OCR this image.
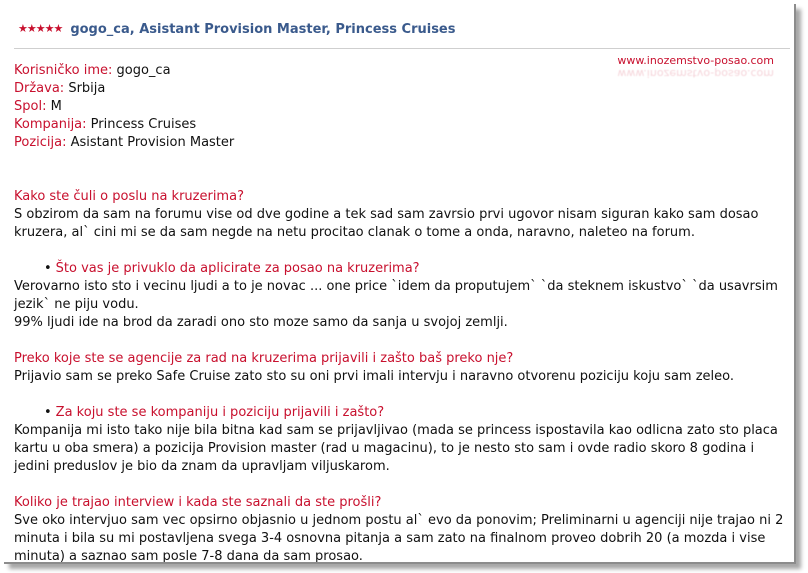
★★★★★ gogo_ca, Asistant Provision Master, Princess Cruises
www.inozemstvo-posao.com
www.inozemstvo-posao.com

Korisničko ime: gogo_ca

Država: Srbija

Spol: M

Kompanija: Princess Cruises

Pozicija: Asistant Provision Master

Kako ste čuli o poslu na kruzerima?

S obzirom da sam na forumu vise od dve godine a tek sad sam zavrsio prvi ugovor nisam siguran kako sam dosao kruzera, al` cini mi se da sam negde na netu procitao clanak o tome a onda, naravno, naleteo na forum.

• Što vas je privuklo da aplicirate za posao na kruzerima?

Verovarno isto sto i vecinu ljudi a to je novac ... one price `idem da proputujem` `da steknem iskustvo` `da usavrsim jezik` ne piju vodu.

99% ljudi ide na brod da zaradi ono sto moze samo da sanja u svojoj zemlji.

Preko koje ste se agencije za rad na kruzerima prijavili i zašto baš preko nje?

Prijavio sam se preko Safe Cruise zato sto su oni prvi imali intervju i naravno otvorenu poziciju koju sam zeleo.

• Za koju ste se kompaniju i poziciju prijavili i zašto?

Kompanija mi isto tako nije bila bitna kad sam se prijavljivao (mada se princess ispostavila kao odlicna zato sto placa kartu u oba smera) a pozicija Provision master (rad u magacinu), to je nesto sto sam i ovde radio skoro 8 godina i jedini preduslov je bio da znam da upravljam viljuskarom.

Koliko je trajao interview i kada ste saznali da ste prošli?

Sve oko intervjuo sam vec opsirno objasnio u jednom postu al` evo da ponovim; Preliminarni u agenciji nije trajao ni 2 minuta i bila su mi postavljena svega 3-4 osnovna pitanja a sam zato na finalnom proveo dobrih 20 (a mozda i vise minuta) a saznao sam posle 7-8 dana da sam prosao.
